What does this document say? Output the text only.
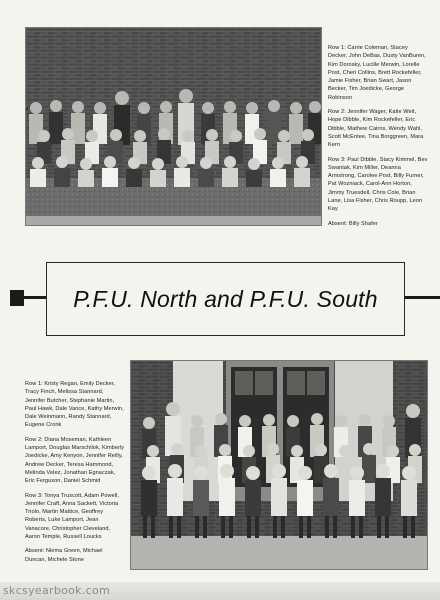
Row 1: Carrie Coleman, Stacey Decker, John DeBas, Dusty VanBuren, Kim Dorosky, Lucille Merwin, Lorelle Post, Cheri Collins, Brett Rockefeller, Jamie Fisher, Brian Swart, Jason Becker, Tim Joedicke, George Robinson

Row 2: Jennifer Wager, Katie Weit, Hope Dibble, Kim Rockefeller, Eric Dibble, Mathew Cairns, Wendy Wahl, Scott McEntee, Tina Borggreen, Mara Kern

Row 3: Paul Dibble, Stacy Kimmel, Bev Swantak, Kim Miller, Deanna Armstrong, Carolee Post, Billy Furner, Pat Wozniack, Carol-Ann Horton, Jimmy Truesdell, Chris Cole, Brian Lane, Lisa Fisher, Chris Roupp, Leon Kay

Absent: Billy Shafer

P.F.U. North and P.F.U. South

Row 1: Kristy Regan, Emily Decker, Tracy Finch, Melissa Stannard, Jennifer Butcher, Stephanie Martin, Paul Hawk, Dale Vance, Kathy Merwin, Dale Weinmann, Randy Stannard, Eugene Cronk

Row 2: Diana Moseman, Kathleen Lamport, Douglas Marschilok, Kimberly Joedicke, Amy Kenyon, Jennifer Reilly, Andrew Decker, Teresa Hammond, Melinda Velez, Jonathan Egnaczak, Eric Ferguson, Daniel Schmid

Row 3: Tonya Truscott, Adam Powell, Jennifer Craft, Anna Sackett, Victoria Triolo, Martin Mattice, Geoffrey Roberts, Luke Lamport, Jean Vanacore, Christopher Cleveland, Aaron Temple, Russell Loucks

Absent: Niema Green, Michael Duncan, Michele Stone

skcsyearbook.com
